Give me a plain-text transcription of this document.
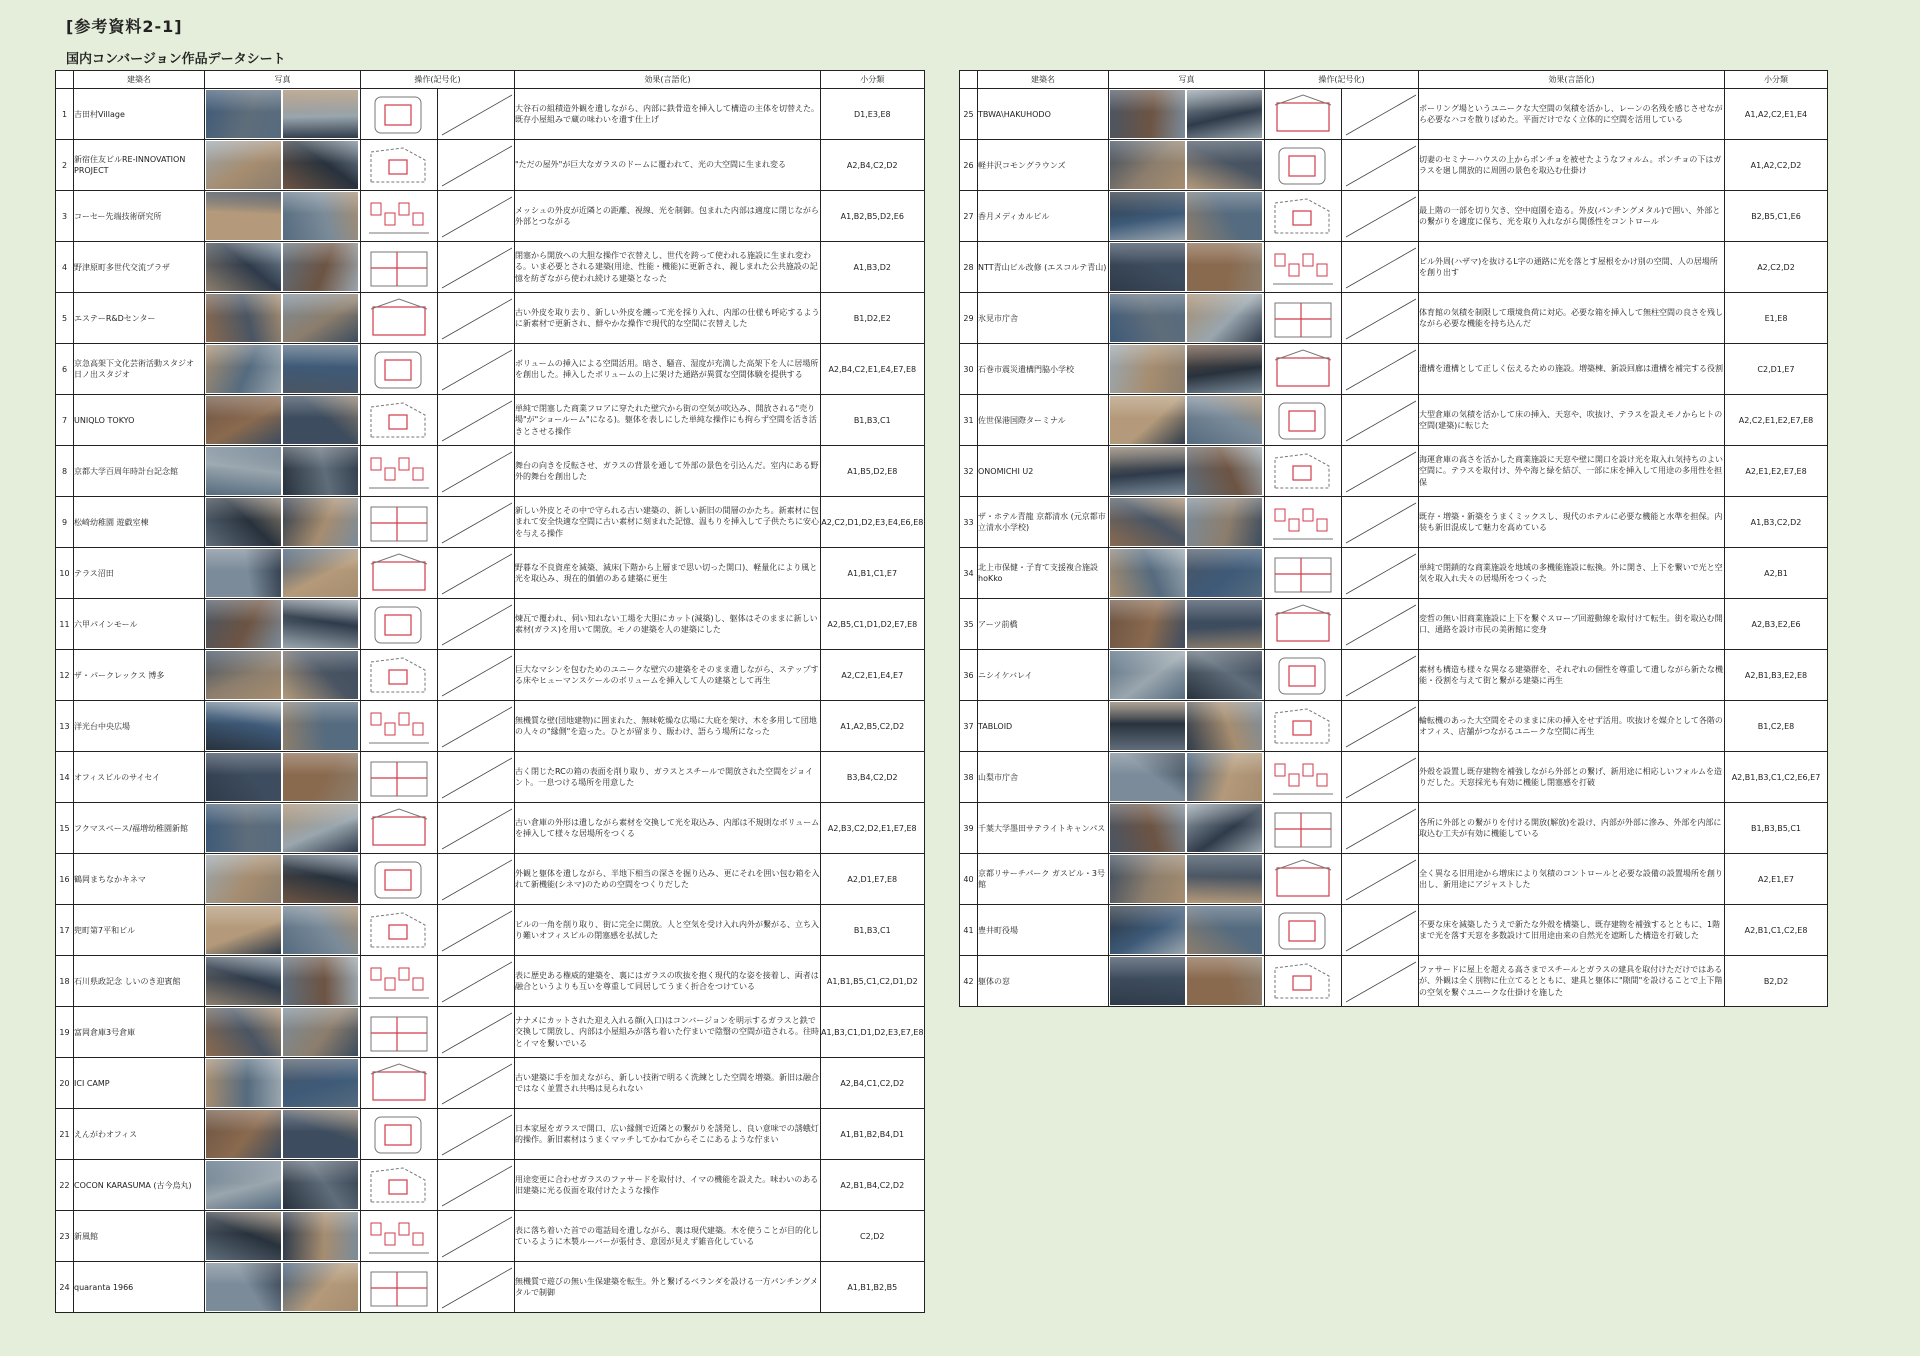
[参考資料2-1]
国内コンバージョン作品データシート
	建築名	写真	操作(記号化)		効果(言語化)	小分類
1	吉田村Village				大谷石の組積造外観を遺しながら、内部に鉄骨造を挿入して構造の主体を切替えた。既存小屋組みで蔵の味わいを遺す仕上げ	D1,E3,E8
2	新宿住友ビルRE-INNOVATION PROJECT				"ただの屋外"が巨大なガラスのドームに覆われて、光の大空間に生まれ変る	A2,B4,C2,D2
3	コーセー先端技術研究所				メッシュの外皮が近隣との距離、視線、光を制御。包まれた内部は適度に閉じながら外部とつながる	A1,B2,B5,D2,E6
4	野津原町多世代交流プラザ				閉塞から開放への大胆な操作で衣替えし、世代を跨って使われる施設に生まれ変わる。いま必要とされる建築(用途、性能・機能)に更新され、親しまれた公共施設の記憶を紡ぎながら使われ続ける建築となった	A1,B3,D2
5	エステーR&Dセンター				古い外皮を取り去り、新しい外皮を纏って光を採り入れ、内部の仕様も呼応するように新素材で更新され、鮮やかな操作で現代的な空間に衣替えした	B1,D2,E2
6	京急高架下文化芸術活動スタジオ 日ノ出スタジオ				ボリュームの挿入による空間活用。暗さ、騒音、湿度が充満した高架下を人に居場所を創出した。挿入したボリュームの上に架けた通路が異質な空間体験を提供する	A2,B4,C2,E1,E4,E7,E8
7	UNIQLO TOKYO				単純で閉塞した商業フロアに穿たれた壁穴から街の空気が吹込み、開放される"売り場"が"ショールーム"になる)。躯体を表しにした単純な操作にも拘らず空間を活き活きとさせる操作	B1,B3,C1
8	京都大学百周年時計台記念館				舞台の向きを反転させ、ガラスの背景を通して外部の景色を引込んだ。室内にある野外的舞台を創出した	A1,B5,D2,E8
9	松崎幼稚園 遊戯室棟				新しい外皮とその中で守られる古い建築の、新しい新旧の間層のかたち。新素材に包まれて安全快適な空間に古い素材に刻まれた記憶、温もりを挿入して子供たちに安心を与える操作	A2,C2,D1,D2,E3,E4,E6,E8
10	テラス沼田				野暮な不良資産を減築、減床(下階から上層まで思い切った開口)、軽量化により風と光を取込み、現在的価値のある建築に更生	A1,B1,C1,E7
11	六甲パインモール				煉瓦で覆われ、伺い知れない工場を大胆にカット(減築)し、躯体はそのままに新しい素材(ガラス)を用いて開放。モノの建築を人の建築にした	A2,B5,C1,D1,D2,E7,E8
12	ザ・パークレックス 博多				巨大なマシンを包むためのユニークな壁穴の建築をそのまま遺しながら、ステップする床やヒューマンスケールのボリュームを挿入して人の建築として再生	A2,C2,E1,E4,E7
13	洋光台中央広場				無機質な壁(団地建物)に囲まれた、無味乾燥な広場に大庇を架け、木を多用して団地の人々の"縁側"を造った。ひとが留まり、賑わけ、語らう場所になった	A1,A2,B5,C2,D2
14	オフィスビルのサイセイ				古く閉じたRCの箱の表面を削り取り、ガラスとスチールで開放された空間をジョイント。一息つける場所を用意した	B3,B4,C2,D2
15	フクマスベース/福増幼稚園新館				古い倉庫の外形は遺しながら素材を交換して光を取込み、内部は不規則なボリュームを挿入して様々な居場所をつくる	A2,B3,C2,D2,E1,E7,E8
16	鶴岡まちなかキネマ				外観と躯体を遺しながら、半地下相当の深さを掘り込み、更にそれを囲い包む箱を入れて新機能(シネマ)のための空間をつくりだした	A2,D1,E7,E8
17	兜町第7平和ビル				ビルの一角を削り取り、街に完全に開放。人と空気を受け入れ内外が繋がる、立ち入り難いオフィスビルの閉塞感を払拭した	B1,B3,C1
18	石川県政記念 しいのき迎賓館				表に歴史ある権威的建築を、裏にはガラスの吹抜を抱く現代的な姿を接着し、両者は融合というよりも互いを尊重して同居してうまく折合をつけている	A1,B1,B5,C1,C2,D1,D2
19	富岡倉庫3号倉庫				ナナメにカットされた迎え入れる顔(入口)はコンバージョンを明示するガラスと鉄で交換して開放し、内部は小屋組みが落ち着いた佇まいで陰翳の空間が造される。往時とイマを繋いでいる	A1,B3,C1,D1,D2,E3,E7,E8
20	ICI CAMP				古い建築に手を加えながら、新しい技術で明るく洗練とした空間を増築。新旧は融合ではなく並置され共鳴は見られない	A2,B4,C1,C2,D2
21	えんがわオフィス				日本家屋をガラスで開口、広い縁側で近隣との繋がりを誘発し、良い意味での誘蛾灯的操作。新旧素材はうまくマッチしてかねてからそこにあるような佇まい	A1,B1,B2,B4,D1
22	COCON KARASUMA (古今烏丸)				用途変更に合わせガラスのファサードを取付け、イマの機能を設えた。味わいのある旧建築に光る仮面を取付けたような操作	A2,B1,B4,C2,D2
23	新風館				表に落ち着いた首での電話局を遺しながら、裏は現代建築。木を使うことが目的化しているように木製ルーバーが張付き、意図が見えず雑音化している	C2,D2
24	quaranta 1966				無機質で遊びの無い生保建築を転生。外と繋げるベランダを設ける一方パンチングメタルで制御	A1,B1,B2,B5
	建築名	写真	操作(記号化)		効果(言語化)	小分類
25	TBWA\HAKUHODO				ボーリング場というユニークな大空間の気積を活かし、レーンの名残を感じさせながら必要なハコを散りばめた。平面だけでなく立体的に空間を活用している	A1,A2,C2,E1,E4
26	軽井沢コモングラウンズ				切妻のセミナーハウスの上からポンチョを被せたようなフォルム。ポンチョの下はガラスを廻し開放的に周囲の景色を取込む仕掛け	A1,A2,C2,D2
27	香月メディカルビル				最上階の一部を切り欠き、空中庭園を造る。外皮(パンチングメタル)で囲い、外部との繋がりを適度に保ち、光を取り入れながら関係性をコントロール	B2,B5,C1,E6
28	NTT青山ビル改修 (エスコルテ青山)				ビル外周(ハザマ)を抜けるL字の通路に光を落とす屋根をかけ別の空間、人の居場所を創り出す	A2,C2,D2
29	氷見市庁舎				体育館の気積を制限して環境負荷に対応。必要な箱を挿入して無柱空間の良さを残しながら必要な機能を持ち込んだ	E1,E8
30	石巻市震災遺構門脇小学校				遺構を遺構として正しく伝えるための施設。増築棟、新設回廊は遺構を補完する役割	C2,D1,E7
31	佐世保港国際ターミナル				大型倉庫の気積を活かして床の挿入、天窓や、吹抜け、テラスを設えモノからヒトの空間(建築)に転じた	A2,C2,E1,E2,E7,E8
32	ONOMICHI U2				海運倉庫の高さを活かした商業施設に天窓や壁に開口を設け光を取入れ気持ちのよい空間に。テラスを取付け、外や海と緑を結び、一部に床を挿入して用途の多用性を担保	A2,E1,E2,E7,E8
33	ザ・ホテル青龍 京都清水 (元京都市立清水小学校)				既存・増築・新築をうまくミックスし、現代のホテルに必要な機能と水準を担保。内装も新旧混成して魅力を高めている	A1,B3,C2,D2
34	北上市保健・子育て支援複合施設 hoKko				単純で閉鎖的な商業施設を地域の多機能施設に転換。外に開き、上下を繋いで光と空気を取入れ夫々の居場所をつくった	A2,B1
35	アーツ前橋				変哲の無い旧商業施設に上下を繋ぐスロープ回遊動線を取付けて転生。街を取込む開口、通路を設け市民の美術館に変身	A2,B3,E2,E6
36	ニシイケバレイ				素材も構造も様々な異なる建築群を、それぞれの個性を尊重して遺しながら新たな機能・役割を与えて街と繋がる建築に再生	A2,B1,B3,E2,E8
37	TABLOID				輪転機のあった大空間をそのままに床の挿入をせず活用。吹抜けを媒介として各階のオフィス、店舗がつながるユニークな空間に再生	B1,C2,E8
38	山梨市庁舎				外殻を設置し既存建物を補強しながら外部との繋げ、新用途に相応しいフォルムを造りだした。天窓採光も有効に機能し閉塞感を打破	A2,B1,B3,C1,C2,E6,E7
39	千葉大学墨田サテライトキャンパス				各所に外部との繋がりを付ける開放(解放)を設け、内部が外部に滲み、外部を内部に取込む工夫が有効に機能している	B1,B3,B5,C1
40	京都リサーチパーク ガスビル・3号館				全く異なる旧用途から増床により気積のコントロールと必要な設備の設置場所を創り出し、新用途にアジャストした	A2,E1,E7
41	豊井町役場				不要な床を減築したうえで新たな外殻を構築し、既存建物を補強するとともに、1階まで光を落す天窓を多数設けて旧用途由来の自然光を遮断した構造を打破した	A2,B1,C1,C2,E8
42	躯体の窓				ファサードに屋上を超える高さまでスチールとガラスの建具を取付けただけではあるが、外観は全く別物に仕立てるとともに、建具と躯体に"隙間"を設けることで上下階の空気を繋ぐユニークな仕掛けを施した	B2,D2
